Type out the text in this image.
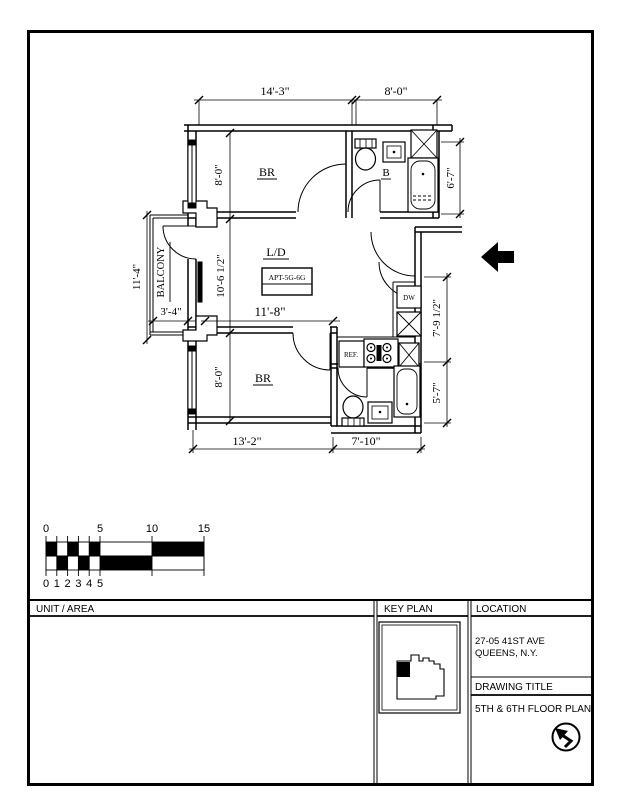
14'-3"	8'-0"
APT-5G-6G
BR	B
L/D
BR
BALCONY
REF.
DW
8'-0"
10'-6 1/2"
8'-0"
11'-4"
3'-4"	11'-8"
6'-7"
7'-9 1/2"
5'-7"
13'-2"	7'-10"
0	5	10	15
0 1 2 3 4 5
UNIT / AREA	KEY PLAN	LOCATION
27-05 41ST AVE
QUEENS, N.Y.
DRAWING TITLE
5TH & 6TH FLOOR PLAN
